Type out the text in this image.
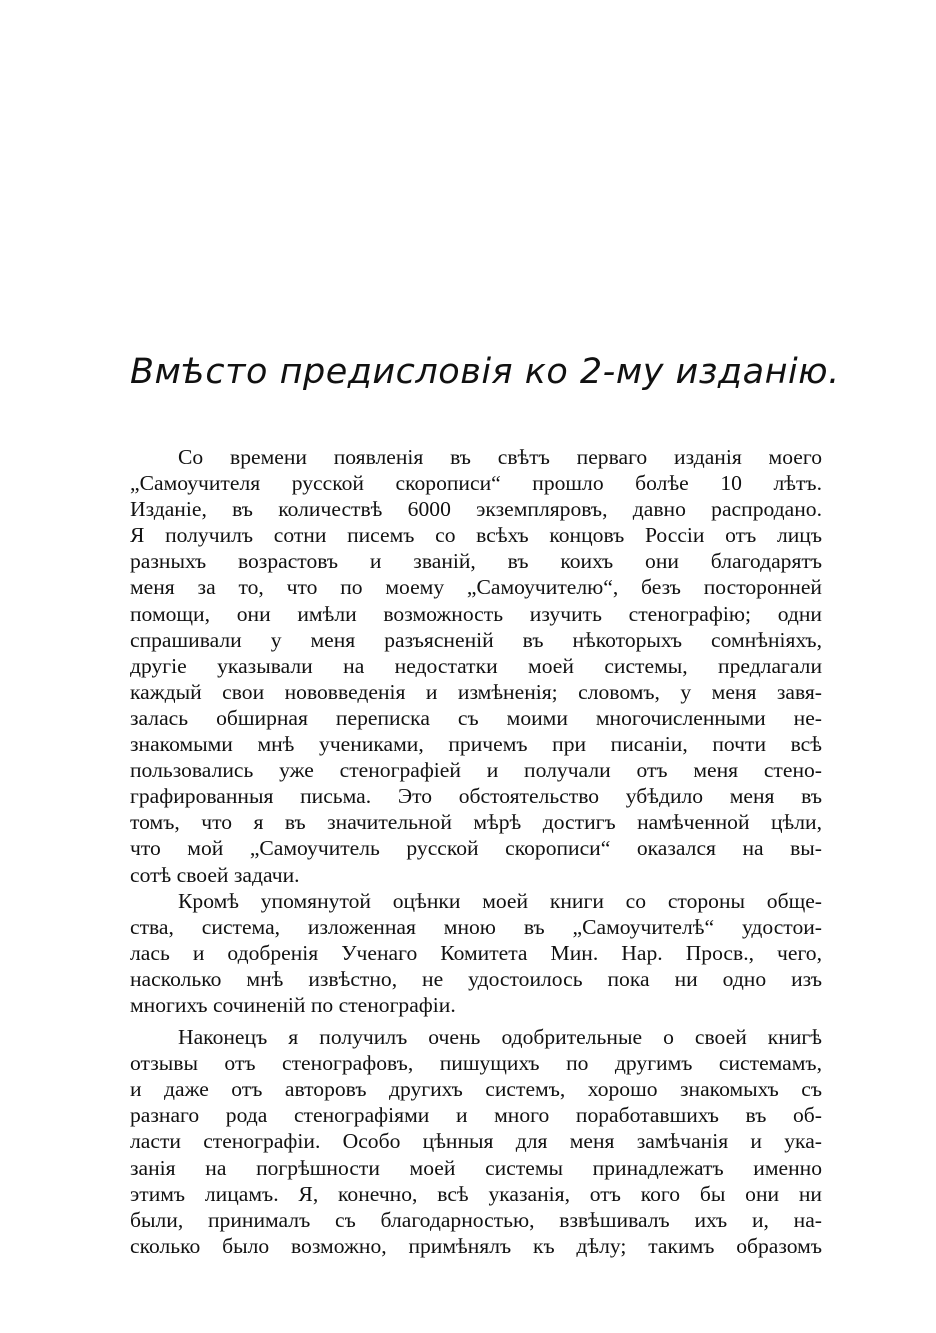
Вмѣсто предисловія ко 2-му изданію.
Со времени появленія въ свѣтъ перваго изданія моего
„Самоучителя русской скорописи“ прошло болѣе 10 лѣтъ.
Изданіе, въ количествѣ 6000 экземпляровъ, давно распродано.
Я получилъ сотни писемъ со всѣхъ концовъ Россіи отъ лицъ
разныхъ возрастовъ и званій, въ коихъ они благодарятъ
меня за то, что по моему „Самоучителю“, безъ посторонней
помощи, они имѣли возможность изучить стенографію; одни
спрашивали у меня разъясненій въ нѣкоторыхъ сомнѣніяхъ,
другіе указывали на недостатки моей системы, предлагали
каждый свои нововведенія и измѣненія; словомъ, у меня завя-
залась обширная переписка съ моими многочисленными не-
знакомыми мнѣ учениками, причемъ при писаніи, почти всѣ
пользовались уже стенографіей и получали отъ меня стено-
графированныя письма. Это обстоятельство убѣдило меня въ
томъ, что я въ значительной мѣрѣ достигъ намѣченной цѣли,
что мой „Самоучитель русской скорописи“ оказался на вы-
сотѣ своей задачи.
Кромѣ упомянутой оцѣнки моей книги со стороны обще-
ства, система, изложенная мною въ „Самоучителѣ“ удостои-
лась и одобренія Ученаго Комитета Мин. Нар. Просв., чего,
насколько мнѣ извѣстно, не удостоилось пока ни одно изъ
многихъ сочиненій по стенографіи.
Наконецъ я получилъ очень одобрительные о своей книгѣ
отзывы отъ стенографовъ, пишущихъ по другимъ системамъ,
и даже отъ авторовъ другихъ системъ, хорошо знакомыхъ съ
разнаго рода стенографіями и много поработавшихъ въ об-
ласти стенографіи. Особо цѣнныя для меня замѣчанія и ука-
занія на погрѣшности моей системы принадлежатъ именно
этимъ лицамъ. Я, конечно, всѣ указанія, отъ кого бы они ни
были, принималъ съ благодарностью, взвѣшивалъ ихъ и, на-
сколько было возможно, примѣнялъ къ дѣлу; такимъ образомъ
